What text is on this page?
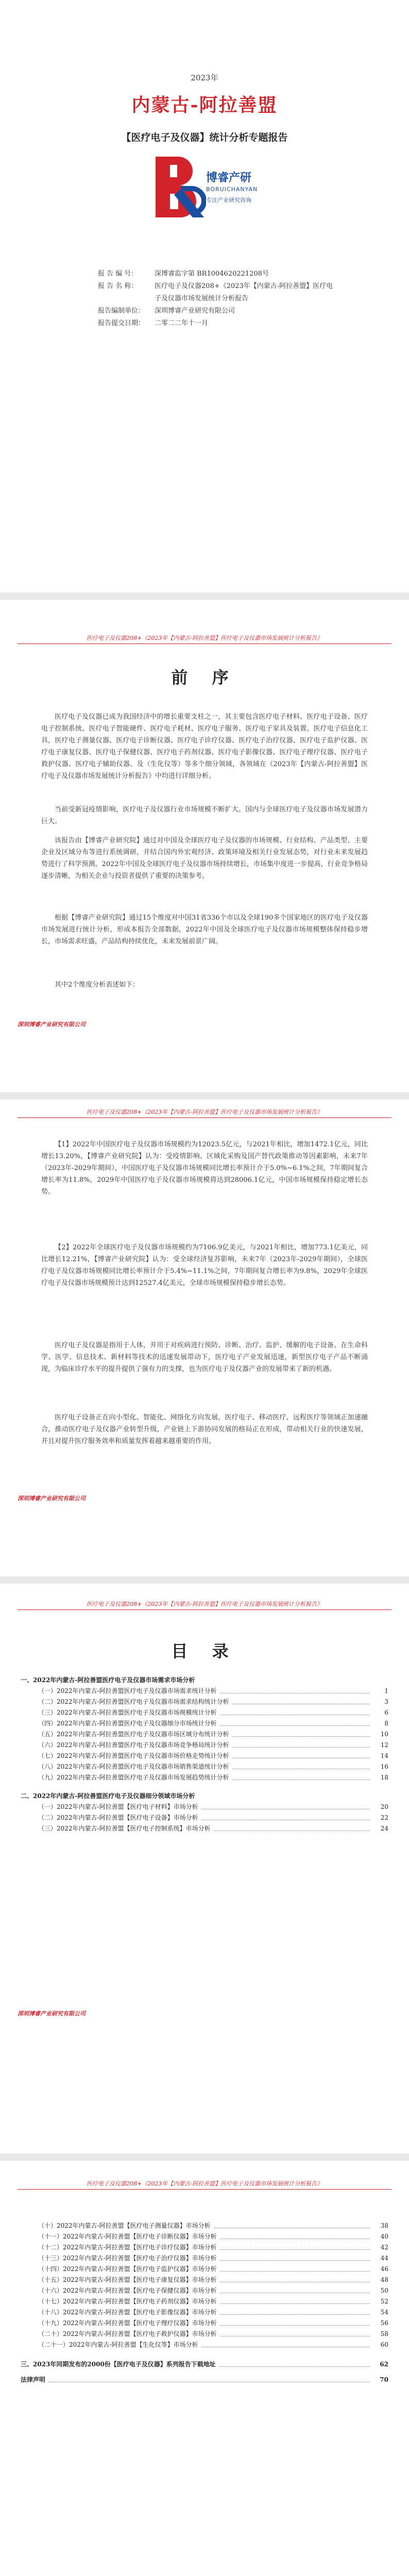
2023年
内蒙古-阿拉善盟
【医疗电子及仪器】统计分析专题报告
博睿产研
BORUICHANYAN
专注产业研究咨询
报 告 编 号：	深博睿监字第 BR1004620221208号
报 告 名 称：	医疗电子及仪器208+《2023年【内蒙古-阿拉善盟】医疗电子及仪器市场发展统计分析报告
报告编制单位：	深圳博睿产业研究有限公司
报告提交日期：	二零二二年十一月
医疗电子及仪器208+《2023年【内蒙古-阿拉善盟】医疗电子及仪器市场发展统计分析报告》
前 序

医疗电子及仪器已成为我国经济中的增长重要支柱之一，其主要包含医疗电子材料、医疗电子设备、医疗电子控制系统、医疗电子智能硬件、医疗电子耗材、医疗电子服务、医疗电子家具及装置、医疗电子信息化工具，医疗电子测量仪器、医疗电子诊断仪器、医疗电子诊疗仪器、医疗电子治疗仪器、医疗电子监护仪器、医疗电子康复仪器、医疗电子保健仪器、医疗电子药剂仪器、医疗电子影像仪器、医疗电子理疗仪器、医疗电子救护仪器、医疗电子辅助仪器、及（生化仪等）等多个细分领域，各领域在《2023年【内蒙古-阿拉善盟】医疗电子及仪器市场发展统计分析报告》中均进行详细分析。

当前受新冠疫情影响，医疗电子及仪器行业市场规模不断扩大。国内与全球医疗电子及仪器市场发展潜力巨大。

该报告由【博睿产业研究院】通过对中国及全球医疗电子及仪器的市场规模、行业结构、产品类型、主要企业及区域分布等进行系统调研，并结合国内外宏观经济、政策环境及相关行业发展态势，对行业未来发展趋势进行了科学预测。2022年中国及全球医疗电子及仪器市场持续增长，市场集中度进一步提高，行业竞争格局逐步清晰，为相关企业与投资者提供了重要的决策参考。

根据【博睿产业研究院】通过15个维度对中国31省336个市以及全球190多个国家地区的医疗电子及仪器市场发展进行统计分析，形成本报告全部数据，2022年中国及全球医疗电子及仪器市场规模整体保持稳步增长，市场需求旺盛，产品结构持续优化，未来发展前景广阔。

其中2个维度分析表述如下：

深圳博睿产业研究有限公司
医疗电子及仪器208+《2023年【内蒙古-阿拉善盟】医疗电子及仪器市场发展统计分析报告》

【1】2022年中国医疗电子及仪器市场规模约为12023.5亿元，与2021年相比，增加1472.1亿元，同比增长13.20%，【博睿产业研究院】认为：受疫情影响、区域化采购及国产替代政策推动等因素影响，未来7年（2023年-2029年期间），中国医疗电子及仪器市场规模同比增长率预计介于5.0%~6.1%之间，7年期间复合增长率为11.8%，2029年中国医疗电子及仪器市场规模将达到28006.1亿元，中国市场规模保持稳定增长态势。

【2】2022年全球医疗电子及仪器市场规模约为7106.9亿美元，与2021年相比，增加773.1亿美元，同比增长12.21%，【博睿产业研究院】认为：受全球经济复苏影响，未来7年（2023年-2029年期间），全球医疗电子及仪器市场规模同比增长率预计介于5.4%~11.1%之间，7年期间复合增长率为9.8%，2029年全球医疗电子及仪器市场规模预计达到12527.4亿美元，全球市场规模保持稳步增长态势。

医疗电子及仪器是指用于人体，并用于对疾病进行预防、诊断、治疗、监护、缓解的电子设备。在生命科学、医学、信息技术、新材料等技术的迅速发展带动下，医疗电子产业发展迅速，新型医疗电子产品不断涌现，为临床诊疗水平的提升提供了强有力的支撑，也为医疗电子及仪器产业的发展带来了新的机遇。

医疗电子设备正在向小型化、智能化、网络化方向发展，医疗电子、移动医疗、远程医疗等领域正加速融合，推动医疗电子及仪器产业转型升级，产业链上下游协同发展的格局正在形成，带动相关行业的快速发展，并且对提升医疗服务效率和质量发挥着越来越重要的作用。

深圳博睿产业研究有限公司
医疗电子及仪器208+《2023年【内蒙古-阿拉善盟】医疗电子及仪器市场发展统计分析报告》
目 录
一、2022年内蒙古-阿拉善盟医疗电子及仪器市场需求市场分析
（一）2022年内蒙古-阿拉善盟医疗电子及仪器市场需求统计分析	1
（二）2022年内蒙古-阿拉善盟医疗电子及仪器市场需求结构统计分析	3
（三）2022年内蒙古-阿拉善盟医疗电子及仪器市场规模统计分析	6
（四）2022年内蒙古-阿拉善盟医疗电子及仪器细分市场统计分析	8
（五）2022年内蒙古-阿拉善盟医疗电子及仪器市场区域分布统计分析	10
（六）2022年内蒙古-阿拉善盟医疗电子及仪器市场竞争格局统计分析	12
（七）2022年内蒙古-阿拉善盟医疗电子及仪器市场价格走势统计分析	14
（八）2022年内蒙古-阿拉善盟医疗电子及仪器市场销售渠道统计分析	16
（九）2022年内蒙古-阿拉善盟医疗电子及仪器市场发展趋势统计分析	18
二、2022年内蒙古-阿拉善盟医疗电子及仪器细分领域市场分析
（一）2022年内蒙古-阿拉善盟【医疗电子材料】市场分析	20
（二）2022年内蒙古-阿拉善盟【医疗电子设备】市场分析	22
（三）2022年内蒙古-阿拉善盟【医疗电子控制系统】市场分析	24
深圳博睿产业研究有限公司
医疗电子及仪器208+《2023年【内蒙古-阿拉善盟】医疗电子及仪器市场发展统计分析报告》
（十）2022年内蒙古-阿拉善盟【医疗电子测量仪器】市场分析	38
（十一）2022年内蒙古-阿拉善盟【医疗电子诊断仪器】市场分析	40
（十二）2022年内蒙古-阿拉善盟【医疗电子诊疗仪器】市场分析	42
（十三）2022年内蒙古-阿拉善盟【医疗电子治疗仪器】市场分析	44
（十四）2022年内蒙古-阿拉善盟【医疗电子监护仪器】市场分析	46
（十五）2022年内蒙古-阿拉善盟【医疗电子康复仪器】市场分析	48
（十六）2022年内蒙古-阿拉善盟【医疗电子保健仪器】市场分析	50
（十七）2022年内蒙古-阿拉善盟【医疗电子药剂仪器】市场分析	52
（十八）2022年内蒙古-阿拉善盟【医疗电子影像仪器】市场分析	54
（十九）2022年内蒙古-阿拉善盟【医疗电子理疗仪器】市场分析	56
（二十）2022年内蒙古-阿拉善盟【医疗电子救护仪器】市场分析	58
（二十一）2022年内蒙古-阿拉善盟【生化仪等】市场分析	60
三、2023年同期发布的2000份【医疗电子及仪器】系列报告下载地址	62
法律声明	70
